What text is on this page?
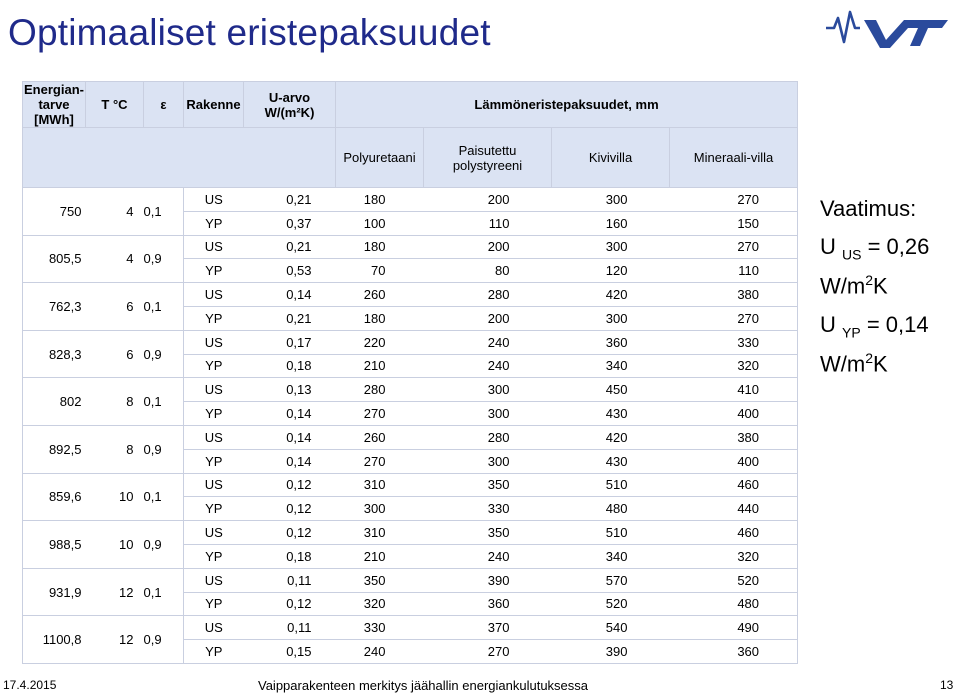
Optimaaliset eristepaksuudet
Energian-tarve [MWh]	T °C	ε	Rakenne	U-arvo W/(m²K)	Lämmöneristepaksuudet, mm			
					Polyuretaani	Paisutettu polystyreeni	Kivivilla	Mineraali-villa
750	4	0,1	US	0,21	180	200	300	270
			YP	0,37	100	110	160	150
805,5	4	0,9	US	0,21	180	200	300	270
			YP	0,53	70	80	120	110
762,3	6	0,1	US	0,14	260	280	420	380
			YP	0,21	180	200	300	270
828,3	6	0,9	US	0,17	220	240	360	330
			YP	0,18	210	240	340	320
802	8	0,1	US	0,13	280	300	450	410
			YP	0,14	270	300	430	400
892,5	8	0,9	US	0,14	260	280	420	380
			YP	0,14	270	300	430	400
859,6	10	0,1	US	0,12	310	350	510	460
			YP	0,12	300	330	480	440
988,5	10	0,9	US	0,12	310	350	510	460
			YP	0,18	210	240	340	320
931,9	12	0,1	US	0,11	350	390	570	520
			YP	0,12	320	360	520	480
1100,8	12	0,9	US	0,11	330	370	540	490
			YP	0,15	240	270	390	360
Vaatimus:
U $_{US}$ = 0,26
$W/m^2K$
U $_{YP}$ = 0,14
$W/m^2K$
17.4.2015	Vaipparakenteen merkitys jäähallin energiankulutuksessa	13
